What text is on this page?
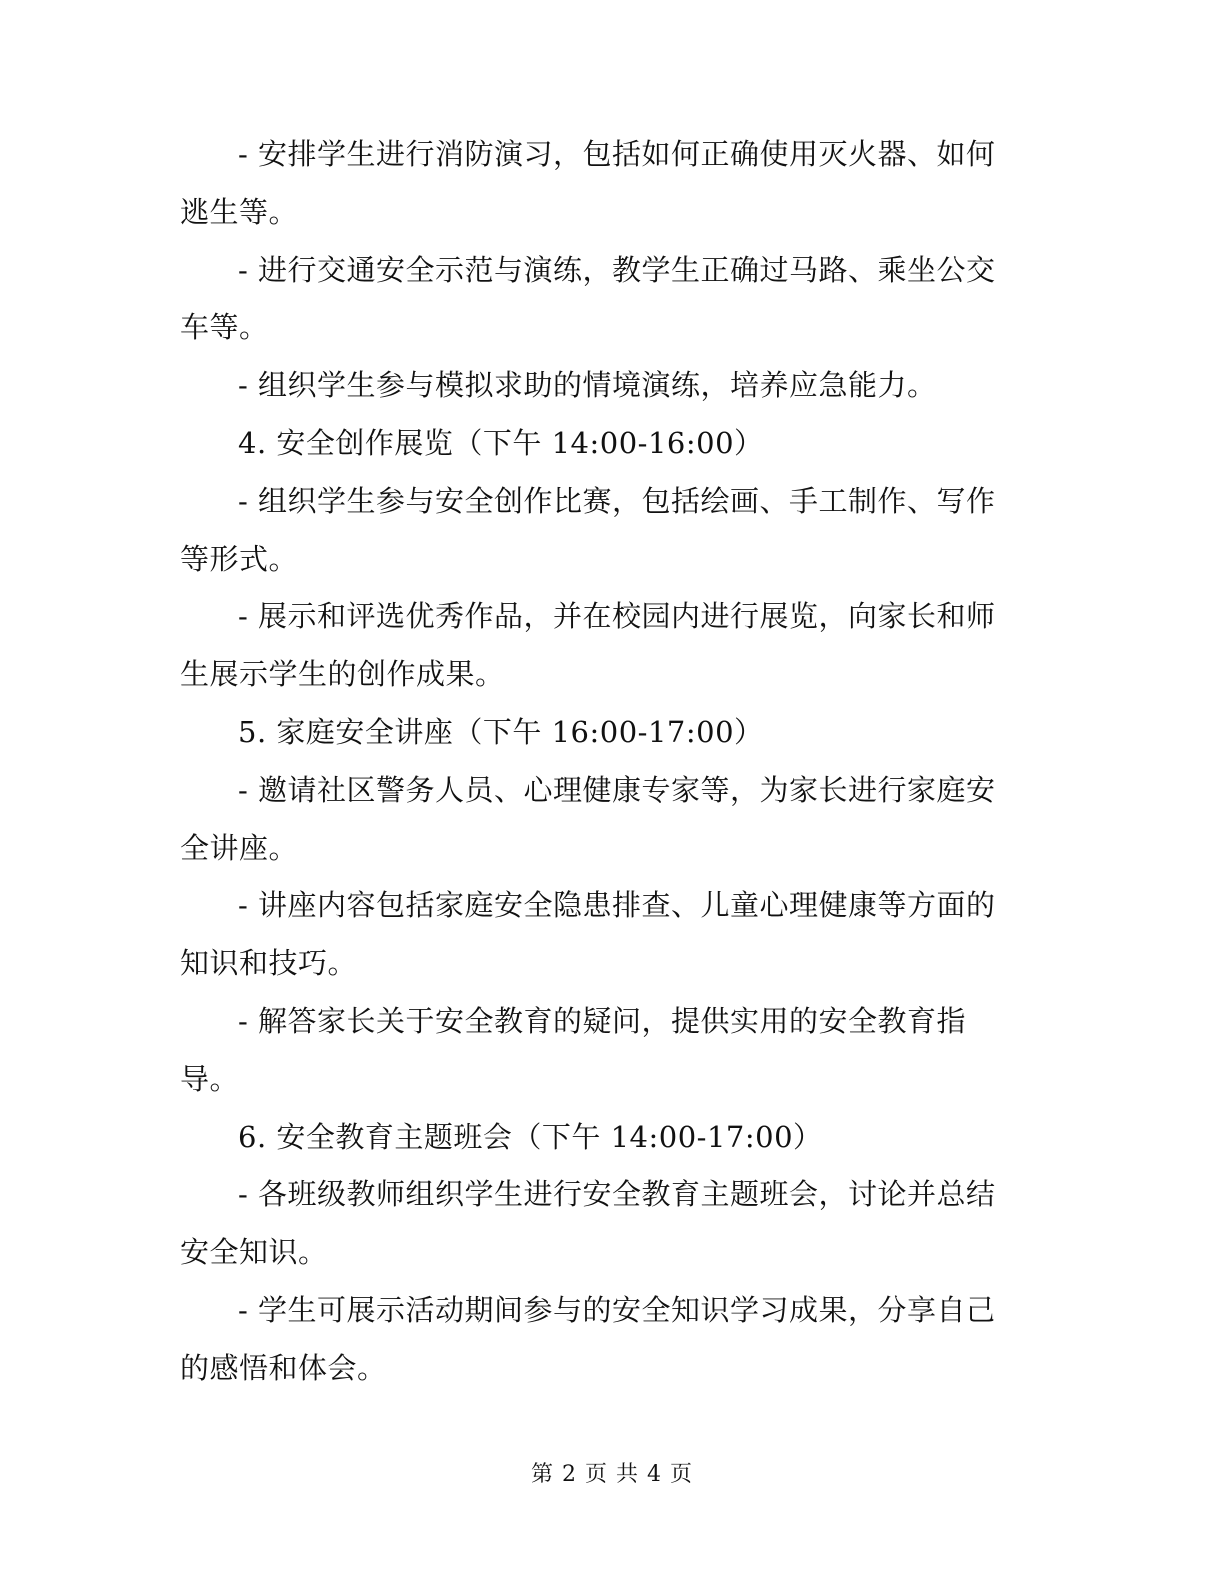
- 安排学生进行消防演习，包括如何正确使用灭火器、如何逃生等。

- 进行交通安全示范与演练，教学生正确过马路、乘坐公交车等。

- 组织学生参与模拟求助的情境演练，培养应急能力。

4. 安全创作展览（下午 14:00-16:00）

- 组织学生参与安全创作比赛，包括绘画、手工制作、写作等形式。

- 展示和评选优秀作品，并在校园内进行展览，向家长和师生展示学生的创作成果。

5. 家庭安全讲座（下午 16:00-17:00）

- 邀请社区警务人员、心理健康专家等，为家长进行家庭安全讲座。

- 讲座内容包括家庭安全隐患排查、儿童心理健康等方面的知识和技巧。

- 解答家长关于安全教育的疑问，提供实用的安全教育指导。

6. 安全教育主题班会（下午 14:00-17:00）

- 各班级教师组织学生进行安全教育主题班会，讨论并总结安全知识。

- 学生可展示活动期间参与的安全知识学习成果，分享自己的感悟和体会。

第 2 页 共 4 页
